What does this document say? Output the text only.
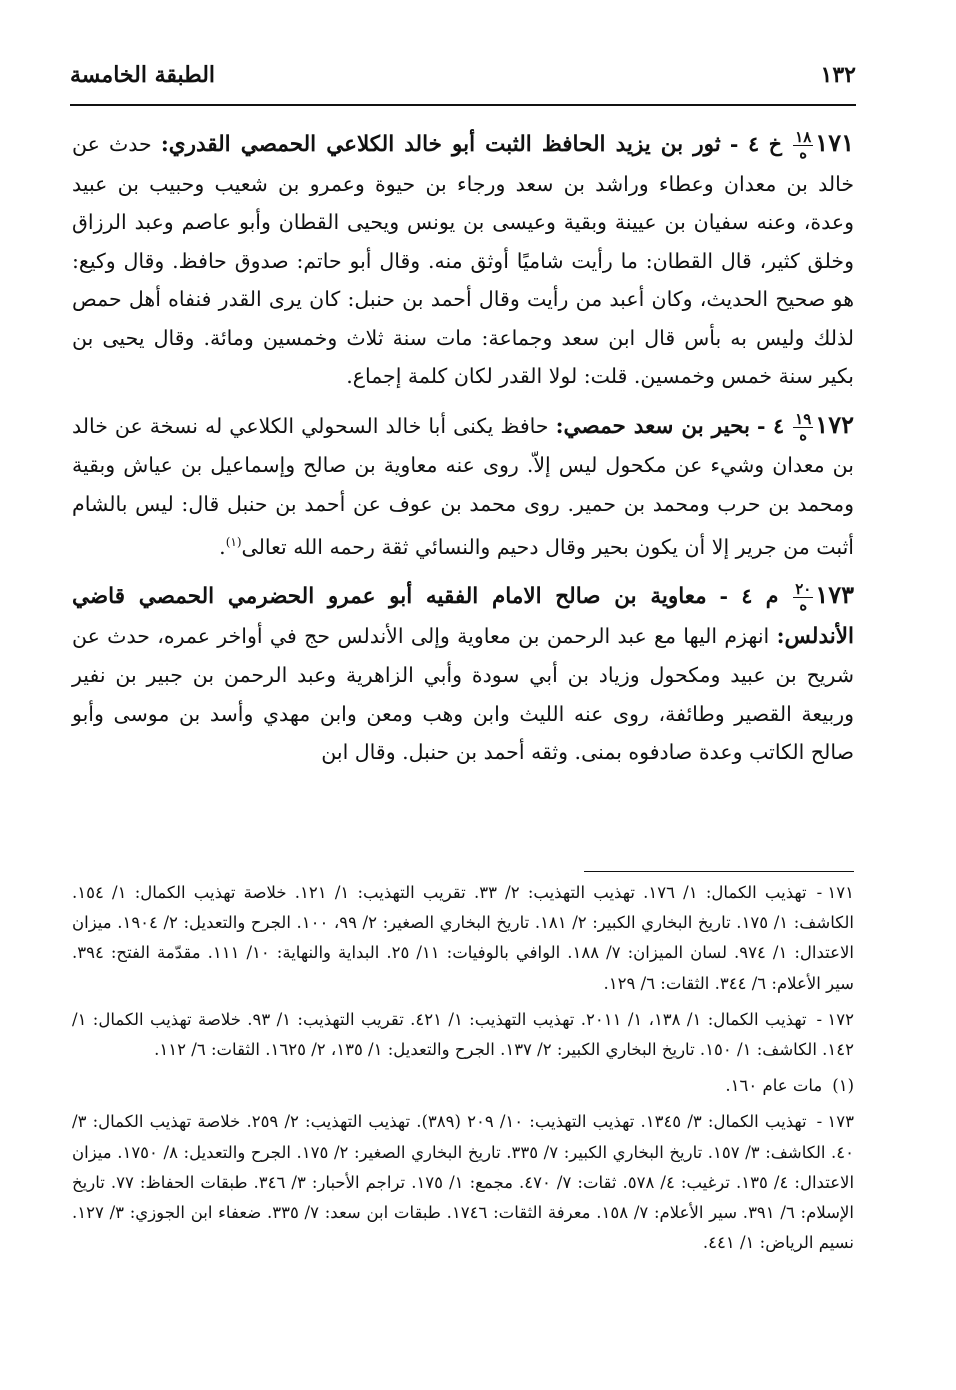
١٣٢
الطبقة الخامسة

١٧١
$\frac{١٨}{\text{ه}}$
خ ٤ - ثور بن يزيد الحافظ الثبت أبو خالد الكلاعي الحمصي القدري: حدث عن خالد بن معدان وعطاء وراشد بن سعد ورجاء بن حيوة وعمرو بن شعيب وحبيب بن عبيد وعدة، وعنه سفيان بن عيينة وبقية وعيسى بن يونس ويحيى القطان وأبو عاصم وعبد الرزاق وخلق كثير، قال القطان: ما رأيت شاميًا أوثق منه. وقال أبو حاتم: صدوق حافظ. وقال وكيع: هو صحيح الحديث، وكان أعبد من رأيت وقال أحمد بن حنبل: كان يرى القدر فنفاه أهل حمص لذلك وليس به بأس قال ابن سعد وجماعة: مات سنة ثلاث وخمسين ومائة. وقال يحيى بن بكير سنة خمس وخمسين. قلت: لولا القدر لكان كلمة إجماع.

١٧٢
$\frac{١٩}{\text{ه}}$
٤ - بحير بن سعد حمصي: حافظ يكنى أبا خالد السحولي الكلاعي له نسخة عن خالد بن معدان وشيء عن مكحول ليس إلاّ. روى عنه معاوية بن صالح وإسماعيل بن عياش وبقية ومحمد بن حرب ومحمد بن حمير. روى محمد بن عوف عن أحمد بن حنبل قال: ليس بالشام أثبت من جرير إلا أن يكون بحير وقال دحيم والنسائي ثقة رحمه الله تعالى$^{(١)}$.

١٧٣
$\frac{٢٠}{\text{ه}}$
م ٤ - معاوية بن صالح الامام الفقيه أبو عمرو الحضرمي الحمصي قاضي الأندلس: انهزم اليها مع عبد الرحمن بن معاوية وإلى الأندلس حج في أواخر عمره، حدث عن شريح بن عبيد ومكحول وزياد بن أبي سودة وأبي الزاهرية وعبد الرحمن بن جبير بن نفير وربيعة القصير وطائفة، روى عنه الليث وابن وهب ومعن وابن مهدي وأسد بن موسى وأبو صالح الكاتب وعدة صادفوه بمنى. وثقه أحمد بن حنبل. وقال ابن

١٧١ -تهذيب الكمال: ١/ ١٧٦. تهذيب التهذيب: ٢/ ٣٣. تقريب التهذيب: ١/ ١٢١. خلاصة تهذيب الكمال: ١/ ١٥٤. الكاشف: ١/ ١٧٥. تاريخ البخاري الكبير: ٢/ ١٨١. تاريخ البخاري الصغير: ٢/ ٩٩، ١٠٠. الجرح والتعديل: ٢/ ١٩٠٤. ميزان الاعتدال: ١/ ٩٧٤. لسان الميزان: ٧/ ١٨٨. الوافي بالوفيات: ١١/ ٢٥. البداية والنهاية: ١٠/ ١١١. مقدّمة الفتح: ٣٩٤. سير الأعلام: ٦/ ٣٤٤. الثقات: ٦/ ١٢٩.

١٧٢ -تهذيب الكمال: ١/ ١٣٨، ١/ ٢٠١١. تهذيب التهذيب: ١/ ٤٢١. تقريب التهذيب: ١/ ٩٣. خلاصة تهذيب الكمال: ١/ ١٤٢. الكاشف: ١/ ١٥٠. تاريخ البخاري الكبير: ٢/ ١٣٧. الجرح والتعديل: ١/ ١٣٥، ٢/ ١٦٢٥. الثقات: ٦/ ١١٢.

(١)مات عام ١٦٠.

١٧٣ -تهذيب الكمال: ٣/ ١٣٤٥. تهذيب التهذيب: ١٠/ ٢٠٩ (٣٨٩). تهذيب التهذيب: ٢/ ٢٥٩. خلاصة تهذيب الكمال: ٣/ ٤٠. الكاشف: ٣/ ١٥٧. تاريخ البخاري الكبير: ٧/ ٣٣٥. تاريخ البخاري الصغير: ٢/ ١٧٥. الجرح والتعديل: ٨/ ١٧٥٠. ميزان الاعتدال: ٤/ ١٣٥. ترغيب: ٤/ ٥٧٨. ثقات: ٧/ ٤٧٠. مجمع: ١/ ١٧٥. تراجم الأحبار: ٣/ ٣٤٦. طبقات الحفاظ: ٧٧. تاريخ الإسلام: ٦/ ٣٩١. سير الأعلام: ٧/ ١٥٨. معرفة الثقات: ١٧٤٦. طبقات ابن سعد: ٧/ ٣٣٥. ضعفاء ابن الجوزي: ٣/ ١٢٧. نسيم الرياض: ١/ ٤٤١.
